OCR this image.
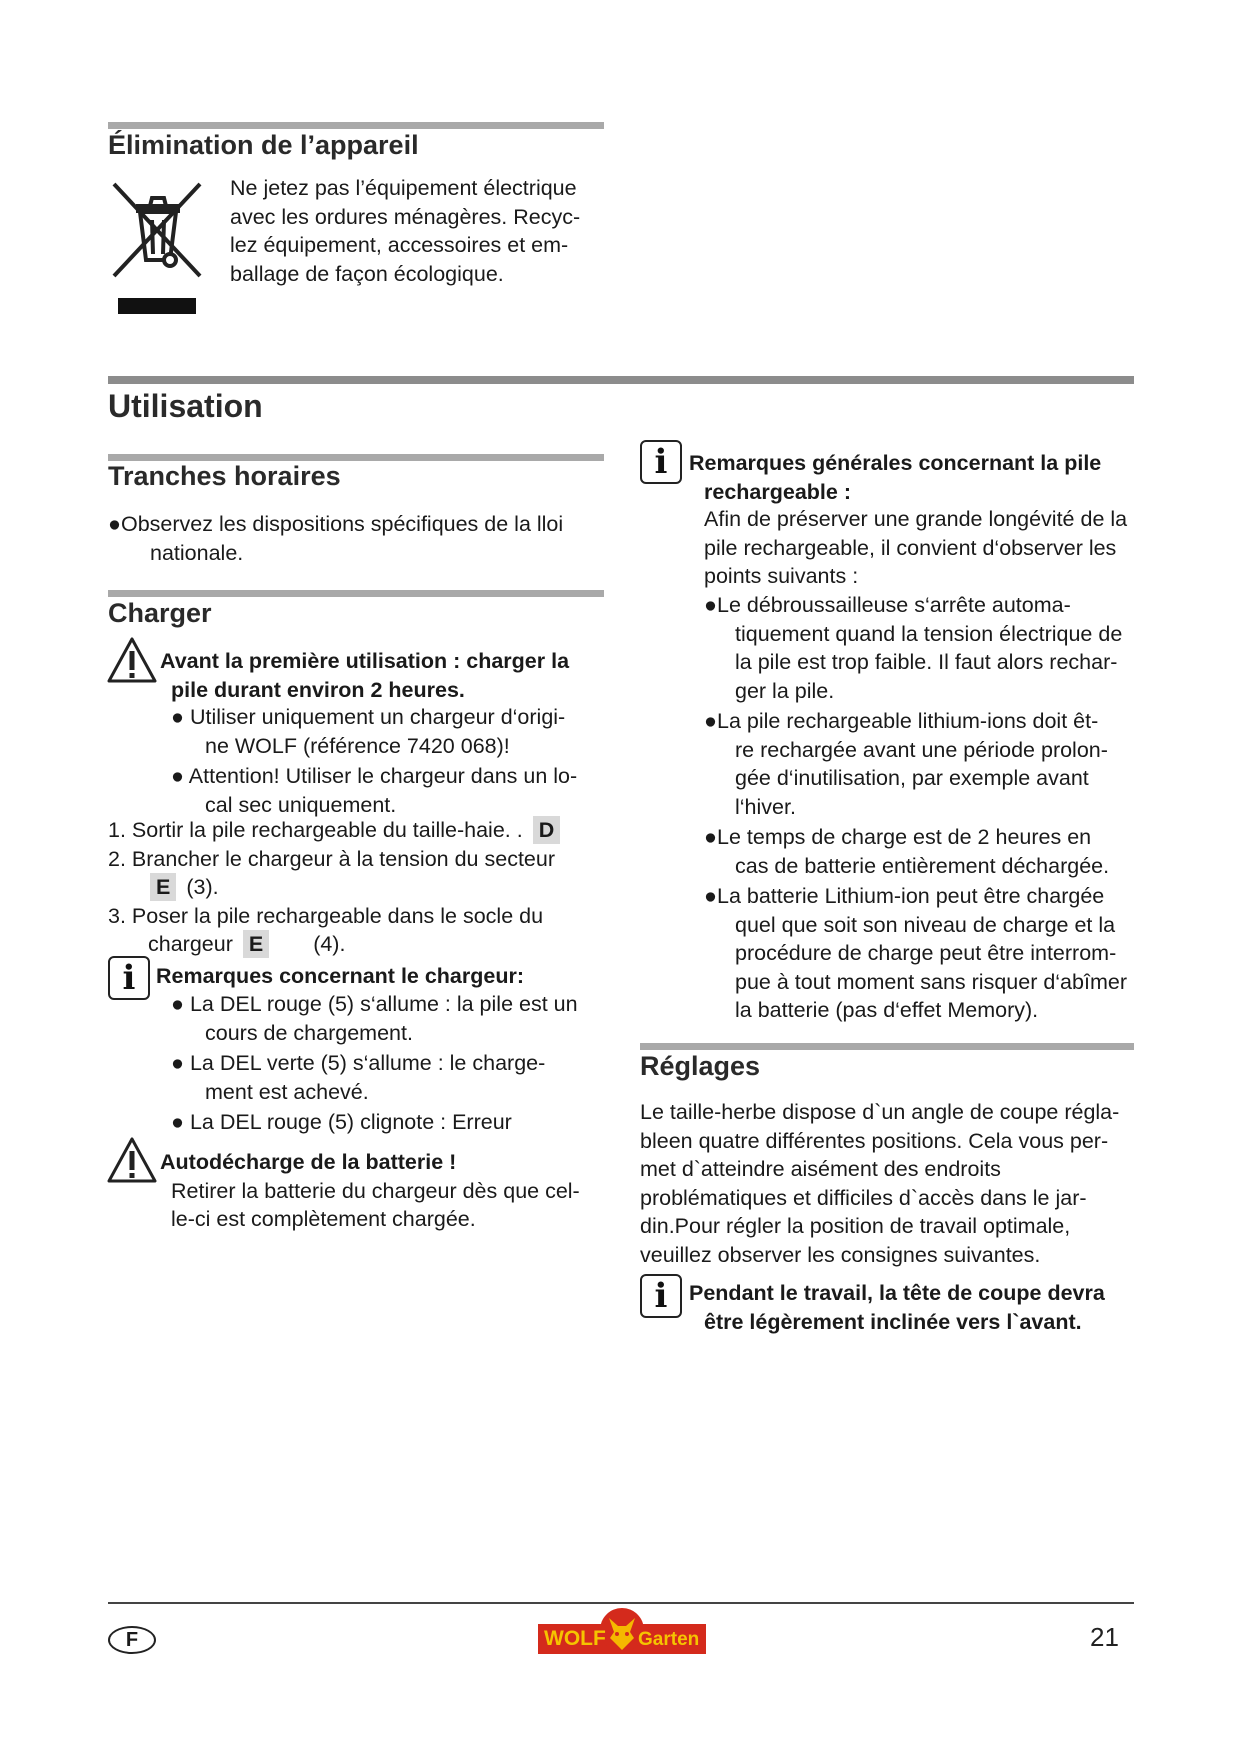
Élimination de l’appareil
Ne jetez pas l’équipement électrique
avec les ordures ménagères. Recyc-
lez équipement, accessoires et em-
ballage de façon écologique.
Utilisation
Tranches horaires
●Observez les dispositions spécifiques de la lloi
nationale.
Charger
Avant la première utilisation : charger la
pile durant environ 2 heures.
● Utiliser uniquement un chargeur d‘origi-
ne WOLF (référence 7420 068)!
● Attention! Utiliser le chargeur dans un lo-
cal sec uniquement.
1. Sortir la pile rechargeable du taille-haie. . D
2. Brancher le chargeur à la tension du secteur
E (3).
3. Poser la pile rechargeable dans le socle du
chargeur E (4).
i Remarques concernant le chargeur:
● La DEL rouge (5) s‘allume : la pile est un
cours de chargement.
● La DEL verte (5) s‘allume : le charge-
ment est achevé.
● La DEL rouge (5) clignote : Erreur
Autodécharge de la batterie !
Retirer la batterie du chargeur dès que cel-
le-ci est complètement chargée.
i	Remarques générales concernant la pile
rechargeable :
Afin de préserver une grande longévité de la
pile rechargeable, il convient d‘observer les
points suivants :
●Le débroussailleuse s‘arrête automa-
tiquement quand la tension électrique de
la pile est trop faible. Il faut alors rechar-
ger la pile.
●La pile rechargeable lithium-ions doit êt-
re rechargée avant une période prolon-
gée d‘inutilisation, par exemple avant
l‘hiver.
●Le temps de charge est de 2 heures en
cas de batterie entièrement déchargée.
●La batterie Lithium-ion peut être chargée
quel que soit son niveau de charge et la
procédure de charge peut être interrom-
pue à tout moment sans risquer d‘abîmer
la batterie (pas d‘effet Memory).
Réglages
Le taille-herbe dispose d`un angle de coupe régla-
bleen quatre différentes positions. Cela vous per-
met d`atteindre aisément des endroits
problématiques et difficiles d`accès dans le jar-
din.Pour régler la position de travail optimale,
veuillez observer les consignes suivantes.
i	Pendant le travail, la tête de coupe devra
être légèrement inclinée vers l`avant.
F	WOLF Garten	21
